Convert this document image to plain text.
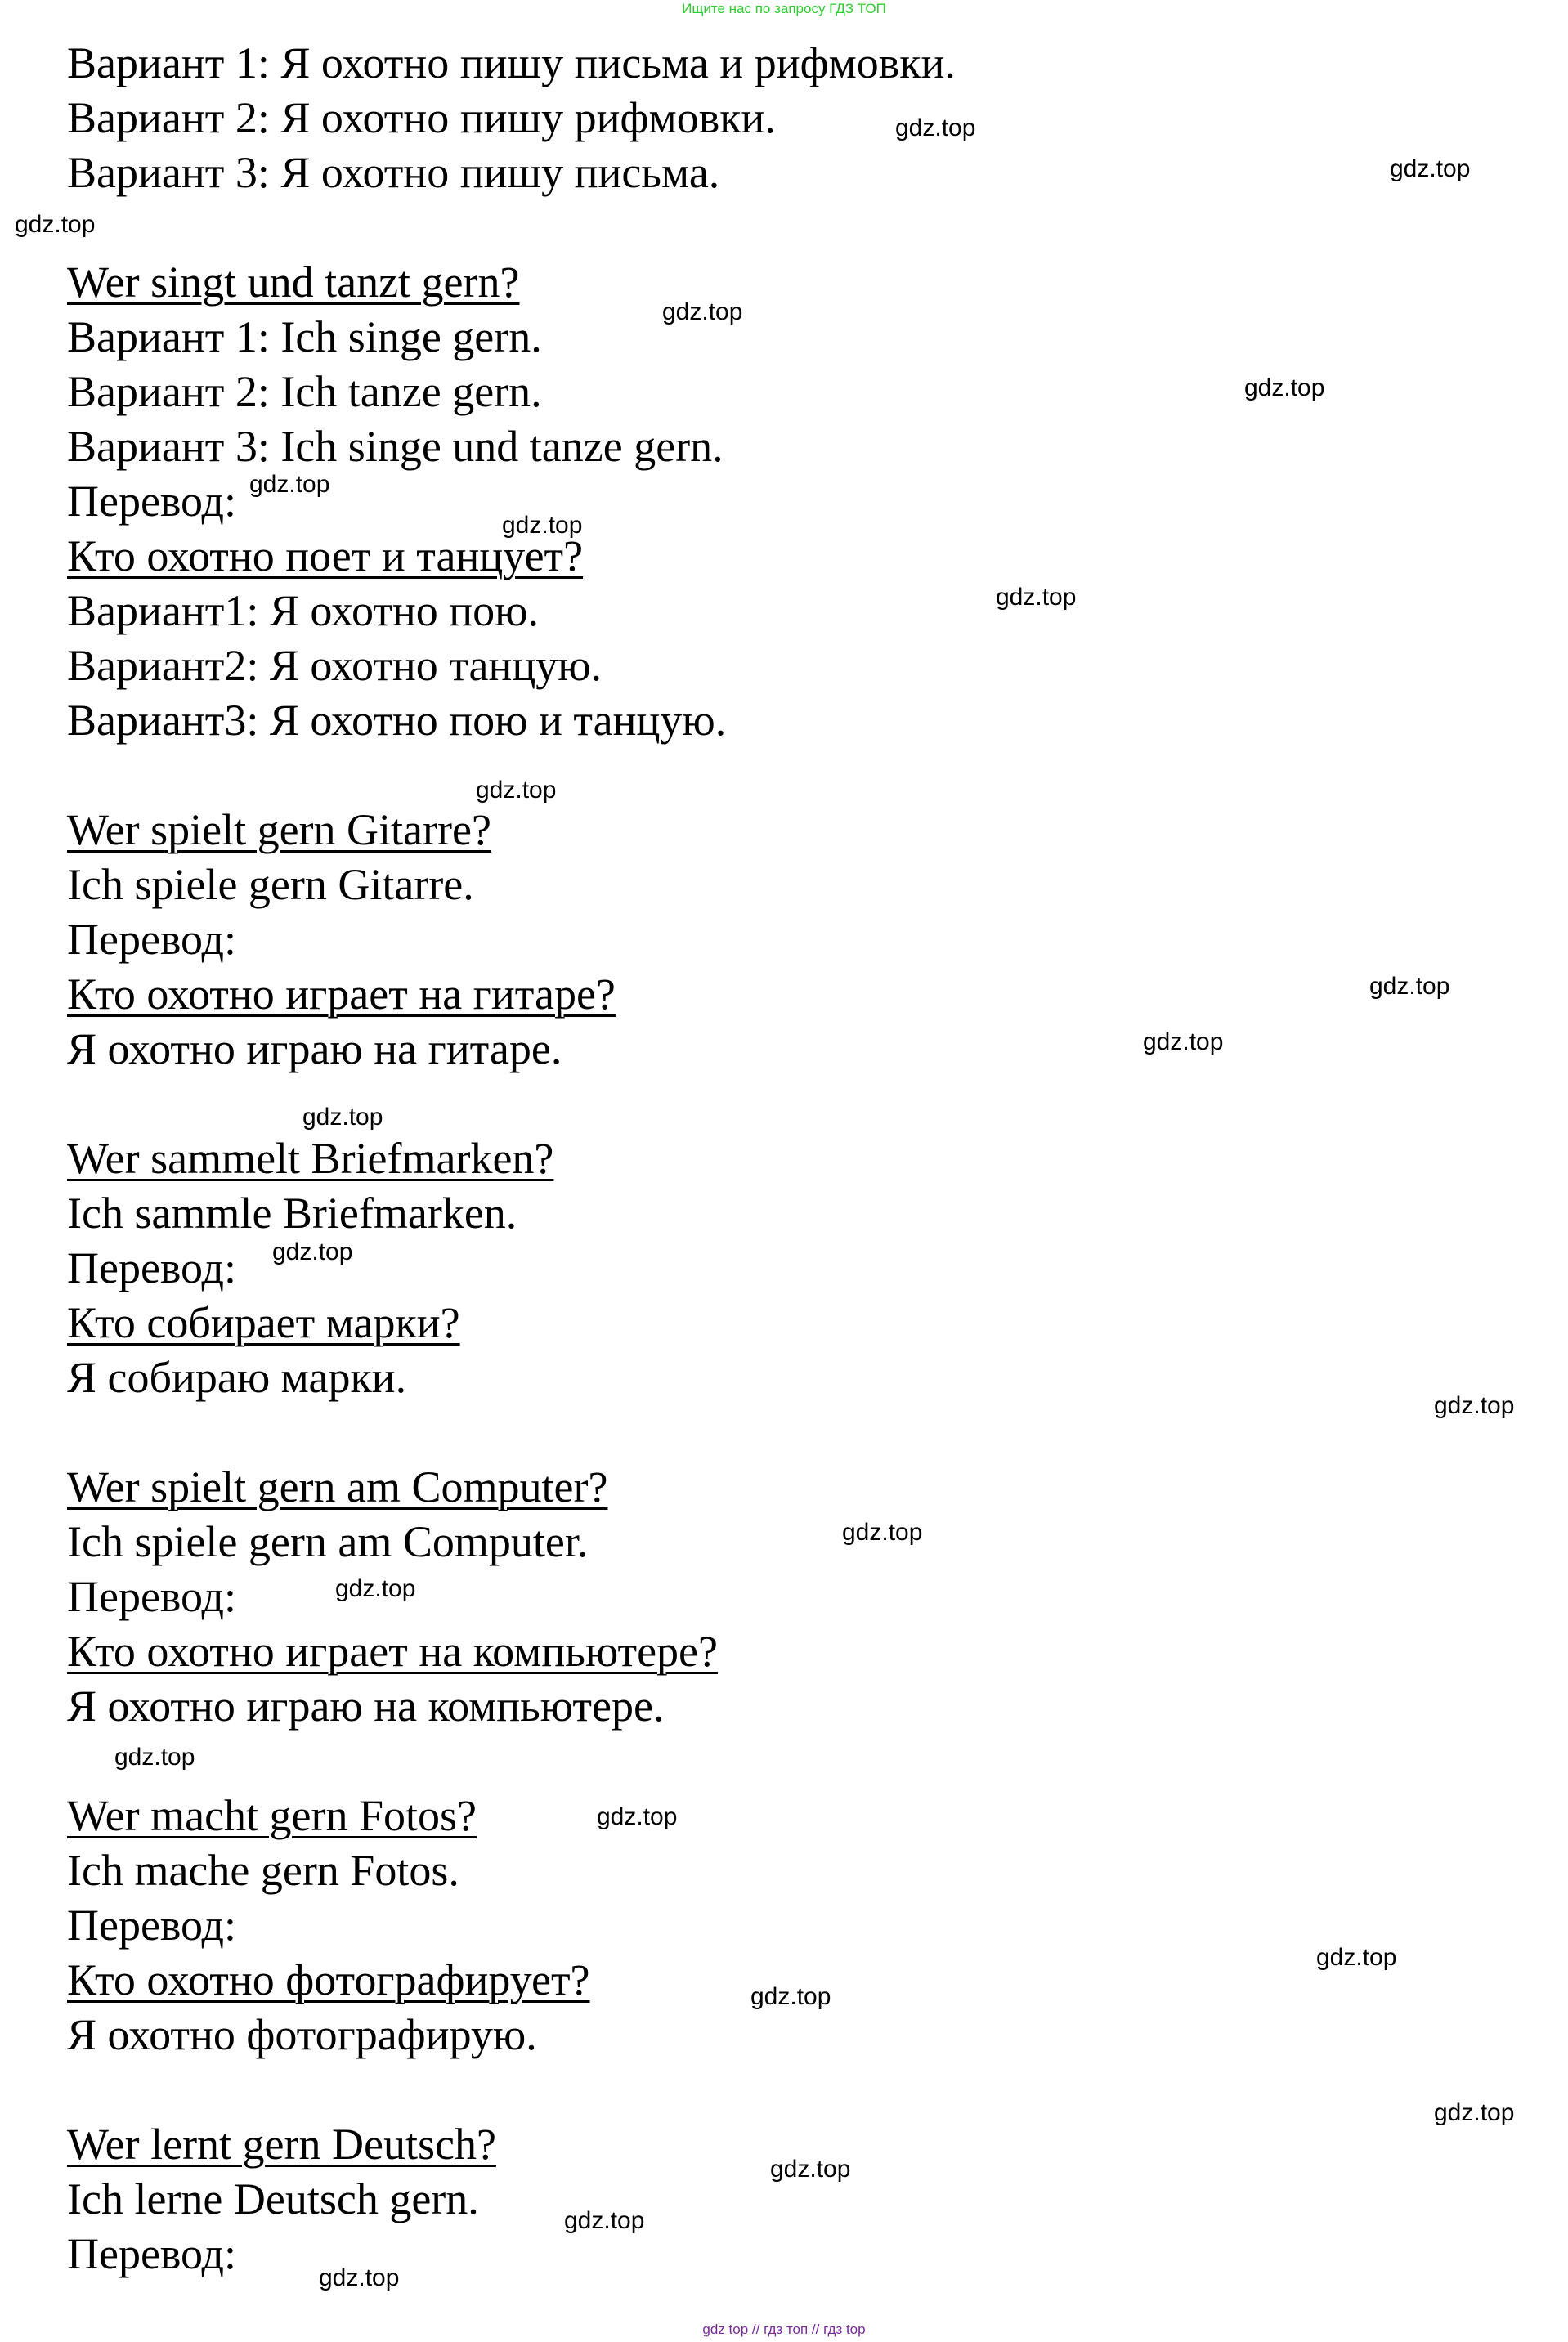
Ищите нас по запросу ГДЗ ТОП
Вариант 1: Я охотно пишу письма и рифмовки.
Вариант 2: Я охотно пишу рифмовки.
Вариант 3: Я охотно пишу письма.
Wer singt und tanzt gern?
Вариант 1: Ich singe gern.
Вариант 2: Ich tanze gern.
Вариант 3: Ich singe und tanze gern.
Перевод:
Кто охотно поет и танцует?
Вариант1: Я охотно пою.
Вариант2: Я охотно танцую.
Вариант3: Я охотно пою и танцую.
Wer spielt gern Gitarre?
Ich spiele gern Gitarre.
Перевод:
Кто охотно играет на гитаре?
Я охотно играю на гитаре.
Wer sammelt Briefmarken?
Ich sammle Briefmarken.
Перевод:
Кто собирает марки?
Я собираю марки.
Wer spielt gern am Computer?
Ich spiele gern am Computer.
Перевод:
Кто охотно играет на компьютере?
Я охотно играю на компьютере.
Wer macht gern Fotos?
Ich mache gern Fotos.
Перевод:
Кто охотно фотографирует?
Я охотно фотографирую.
Wer lernt gern Deutsch?
Ich lerne Deutsch gern.
Перевод:
gdz.top
gdz.top
gdz.top
gdz.top
gdz.top
gdz.top
gdz.top
gdz.top
gdz.top
gdz.top
gdz.top
gdz.top
gdz.top
gdz.top
gdz.top
gdz.top
gdz.top
gdz.top
gdz.top
gdz.top
gdz.top
gdz.top
gdz.top
gdz.top
gdz top // гдз топ // гдз top
